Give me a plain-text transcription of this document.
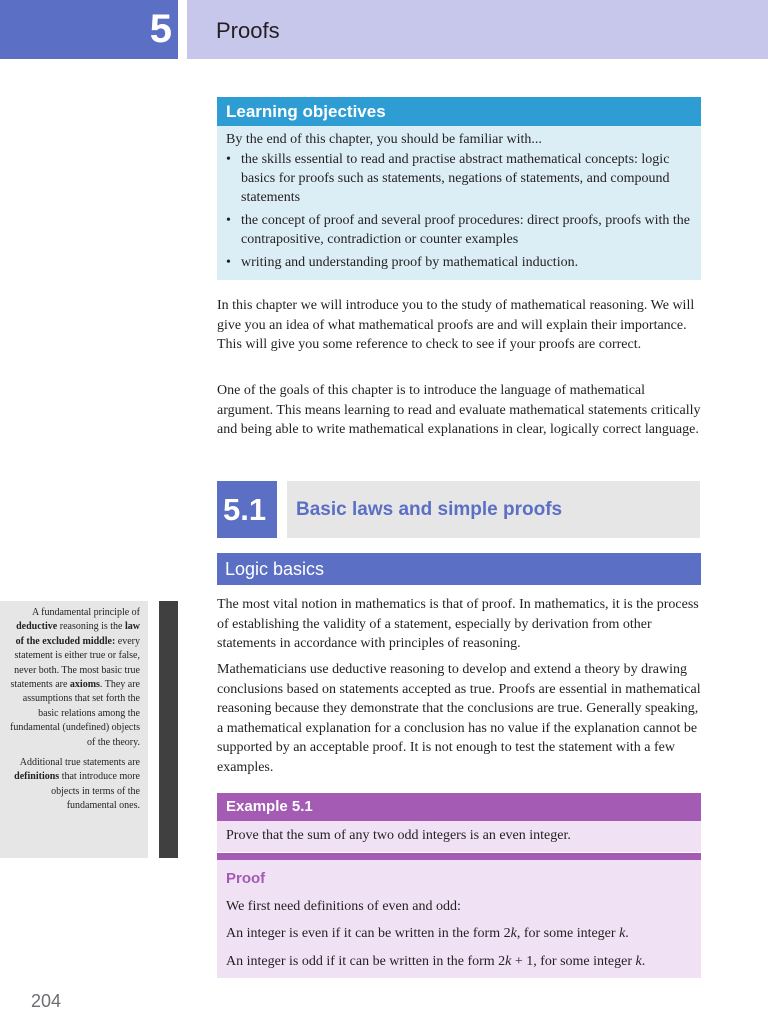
5 Proofs
Learning objectives
By the end of this chapter, you should be familiar with...
• the skills essential to read and practise abstract mathematical concepts: logic basics for proofs such as statements, negations of statements, and compound statements
• the concept of proof and several proof procedures: direct proofs, proofs with the contrapositive, contradiction or counter examples
• writing and understanding proof by mathematical induction.

In this chapter we will introduce you to the study of mathematical reasoning. We will give you an idea of what mathematical proofs are and will explain their importance. This will give you some reference to check to see if your proofs are correct.

One of the goals of this chapter is to introduce the language of mathematical argument. This means learning to read and evaluate mathematical statements critically and being able to write mathematical explanations in clear, logically correct language.

5.1 Basic laws and simple proofs
Logic basics

A fundamental principle of deductive reasoning is the law of the excluded middle: every statement is either true or false, never both. The most basic true statements are axioms. They are assumptions that set forth the basic relations among the fundamental (undefined) objects of the theory.

Additional true statements are definitions that introduce more objects in terms of the fundamental ones.

The most vital notion in mathematics is that of proof. In mathematics, it is the process of establishing the validity of a statement, especially by derivation from other statements in accordance with principles of reasoning.

Mathematicians use deductive reasoning to develop and extend a theory by drawing conclusions based on statements accepted as true. Proofs are essential in mathematical reasoning because they demonstrate that the conclusions are true. Generally speaking, a mathematical explanation for a conclusion has no value if the explanation cannot be supported by an acceptable proof. It is not enough to test the statement with a few examples.

Example 5.1

Prove that the sum of any two odd integers is an even integer.

Proof

We first need definitions of even and odd:

An integer is even if it can be written in the form 2k, for some integer k.

An integer is odd if it can be written in the form 2k + 1, for some integer k.

204
